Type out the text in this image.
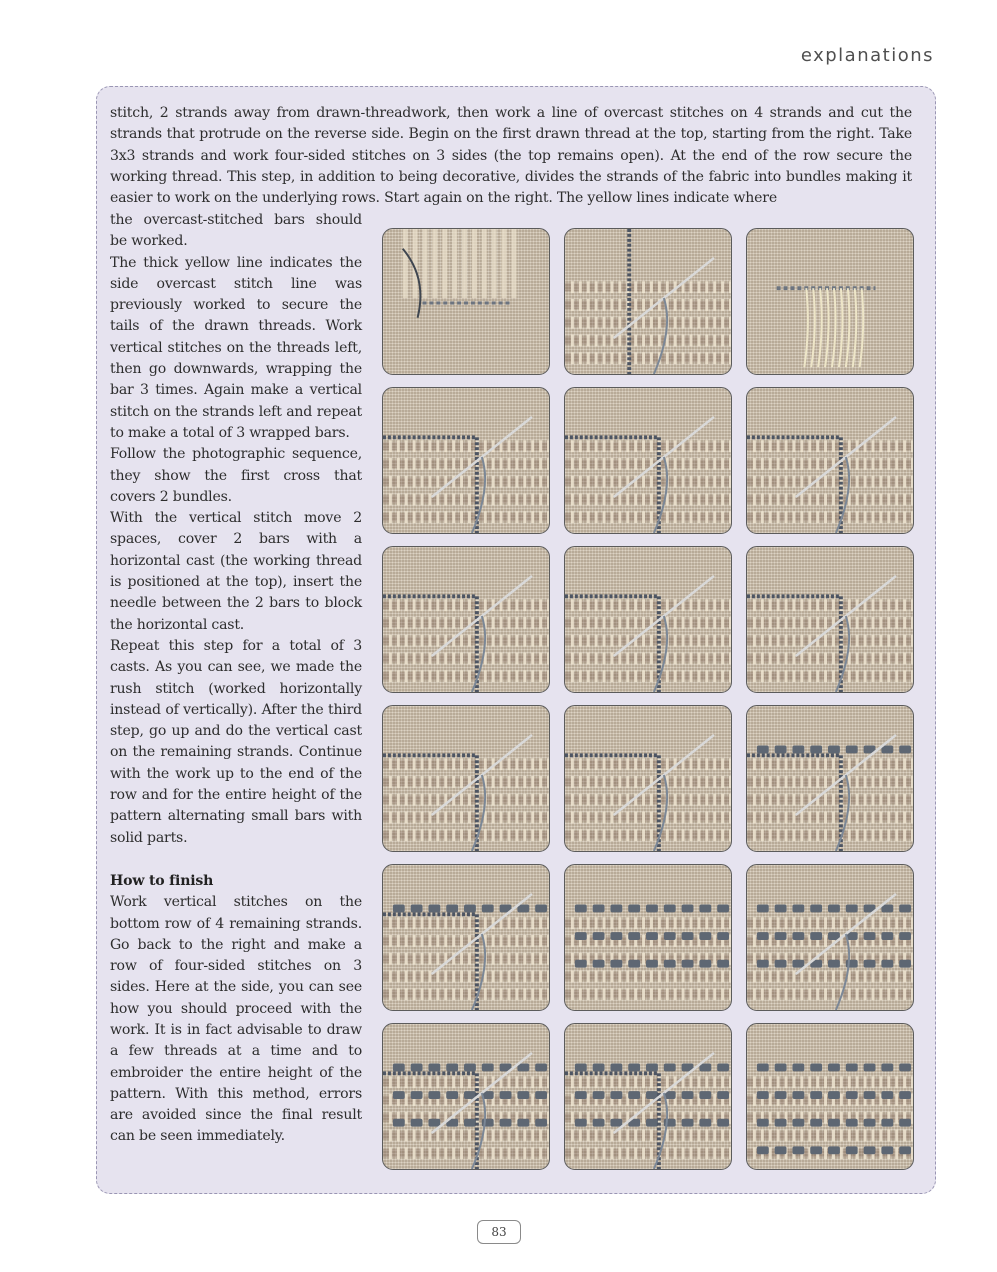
explanations

stitch, 2 strands away from drawn-threadwork, then work a line of overcast stitches on 4 strands and cut the strands that protrude on the reverse side. Begin on the first drawn thread at the top, starting from the right. Take 3x3 strands and work four-sided stitches on 3 sides (the top remains open). At the end of the row secure the working thread. This step, in addition to being decorative, divides the strands of the fabric into bundles making it easier to work on the underlying rows. Start again on the right. The yellow lines indicate where

the overcast-stitched bars should be worked.

The thick yellow line indicates the side overcast stitch line was previously worked to secure the tails of the drawn threads. Work vertical stitches on the threads left, then go downwards, wrapping the bar 3 times. Again make a vertical stitch on the strands left and repeat to make a total of 3 wrapped bars.

Follow the photographic sequence, they show the first cross that covers 2 bundles.

With the vertical stitch move 2 spaces, cover 2 bars with a horizontal cast (the working thread is positioned at the top), insert the needle between the 2 bars to block the horizontal cast.

Repeat this step for a total of 3 casts. As you can see, we made the rush stitch (worked horizontally instead of vertically). After the third step, go up and do the vertical cast on the remaining strands. Continue with the work up to the end of the row and for the entire height of the pattern alternating small bars with solid parts.

How to finish

Work vertical stitches on the bottom row of 4 remaining strands. Go back to the right and make a row of four-sided stitches on 3 sides. Here at the side, you can see how you should proceed with the work. It is in fact advisable to draw a few threads at a time and to embroider the entire height of the pattern. With this method, errors are avoided since the final result can be seen immediately.

83
